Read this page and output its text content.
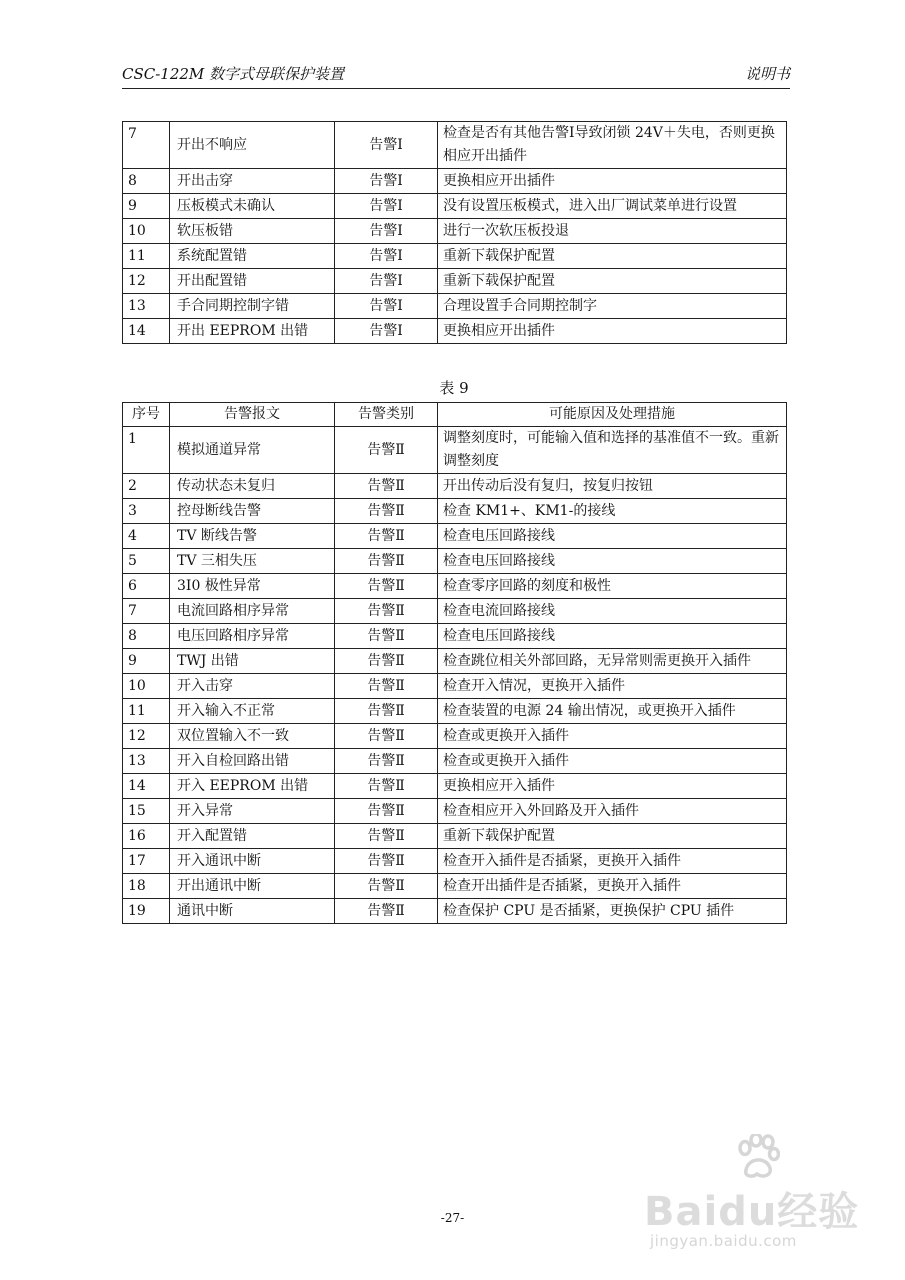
CSC-122M 数字式母联保护装置	说明书
7	开出不响应	告警Ⅰ	检查是否有其他告警Ⅰ导致闭锁 24V＋失电，否则更换相应开出插件
8	开出击穿	告警Ⅰ	更换相应开出插件
9	压板模式未确认	告警Ⅰ	没有设置压板模式，进入出厂调试菜单进行设置
10	软压板错	告警Ⅰ	进行一次软压板投退
11	系统配置错	告警Ⅰ	重新下载保护配置
12	开出配置错	告警Ⅰ	重新下载保护配置
13	手合同期控制字错	告警Ⅰ	合理设置手合同期控制字
14	开出 EEPROM 出错	告警Ⅰ	更换相应开出插件
表 9
序号	告警报文	告警类别	可能原因及处理措施
1	模拟通道异常	告警Ⅱ	调整刻度时，可能输入值和选择的基准值不一致。重新调整刻度
2	传动状态未复归	告警Ⅱ	开出传动后没有复归，按复归按钮
3	控母断线告警	告警Ⅱ	检查 KM1+、KM1-的接线
4	TV 断线告警	告警Ⅱ	检查电压回路接线
5	TV 三相失压	告警Ⅱ	检查电压回路接线
6	3I0 极性异常	告警Ⅱ	检查零序回路的刻度和极性
7	电流回路相序异常	告警Ⅱ	检查电流回路接线
8	电压回路相序异常	告警Ⅱ	检查电压回路接线
9	TWJ 出错	告警Ⅱ	检查跳位相关外部回路，无异常则需更换开入插件
10	开入击穿	告警Ⅱ	检查开入情况，更换开入插件
11	开入输入不正常	告警Ⅱ	检查装置的电源 24 输出情况，或更换开入插件
12	双位置输入不一致	告警Ⅱ	检查或更换开入插件
13	开入自检回路出错	告警Ⅱ	检查或更换开入插件
14	开入 EEPROM 出错	告警Ⅱ	更换相应开入插件
15	开入异常	告警Ⅱ	检查相应开入外回路及开入插件
16	开入配置错	告警Ⅱ	重新下载保护配置
17	开入通讯中断	告警Ⅱ	检查开入插件是否插紧，更换开入插件
18	开出通讯中断	告警Ⅱ	检查开出插件是否插紧，更换开入插件
19	通讯中断	告警Ⅱ	检查保护 CPU 是否插紧，更换保护 CPU 插件
-27-	Baidu经验
jingyan.baidu.com
